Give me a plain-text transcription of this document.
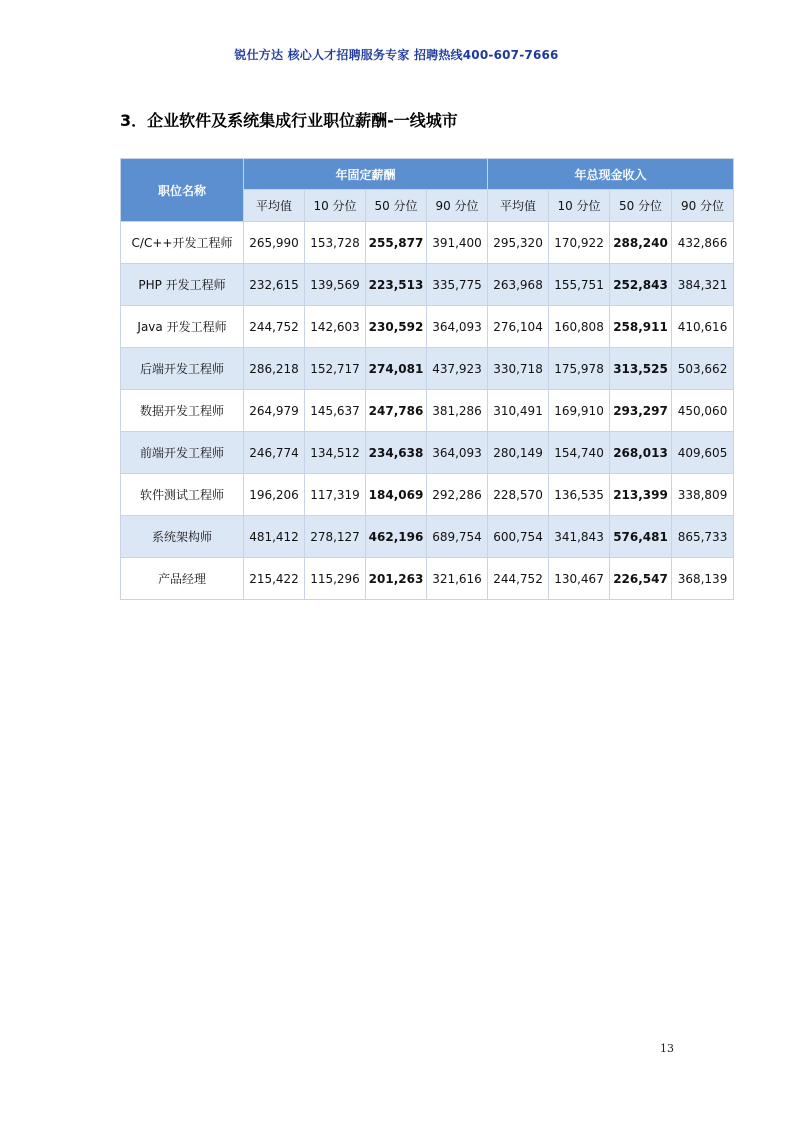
锐仕方达 核心人才招聘服务专家 招聘热线400-607-7666
3．企业软件及系统集成行业职位薪酬-一线城市
职位名称	年固定薪酬				年总现金收入			
	平均值	10 分位	50 分位	90 分位	平均值	10 分位	50 分位	90 分位
C/C++开发工程师	265,990	153,728	255,877	391,400	295,320	170,922	288,240	432,866
PHP 开发工程师	232,615	139,569	223,513	335,775	263,968	155,751	252,843	384,321
Java 开发工程师	244,752	142,603	230,592	364,093	276,104	160,808	258,911	410,616
后端开发工程师	286,218	152,717	274,081	437,923	330,718	175,978	313,525	503,662
数据开发工程师	264,979	145,637	247,786	381,286	310,491	169,910	293,297	450,060
前端开发工程师	246,774	134,512	234,638	364,093	280,149	154,740	268,013	409,605
软件测试工程师	196,206	117,319	184,069	292,286	228,570	136,535	213,399	338,809
系统架构师	481,412	278,127	462,196	689,754	600,754	341,843	576,481	865,733
产品经理	215,422	115,296	201,263	321,616	244,752	130,467	226,547	368,139
13
